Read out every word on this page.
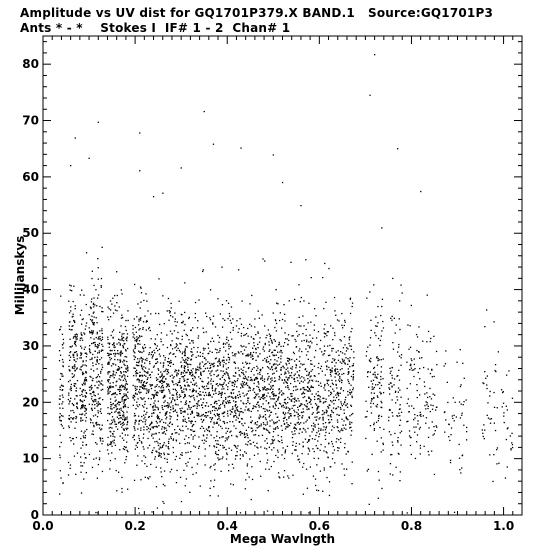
Amplitude vs UV dist for GQ1701P379.X BAND.1   Source:GQ1701P3
Ants * - *    Stokes I  IF# 1 - 2  Chan# 1
0.0	0.2	0.4	0.6	0.8	1.0
0
10
20
30
40
50
60
70
80
Mega Wavlngth
MilliJanskys
